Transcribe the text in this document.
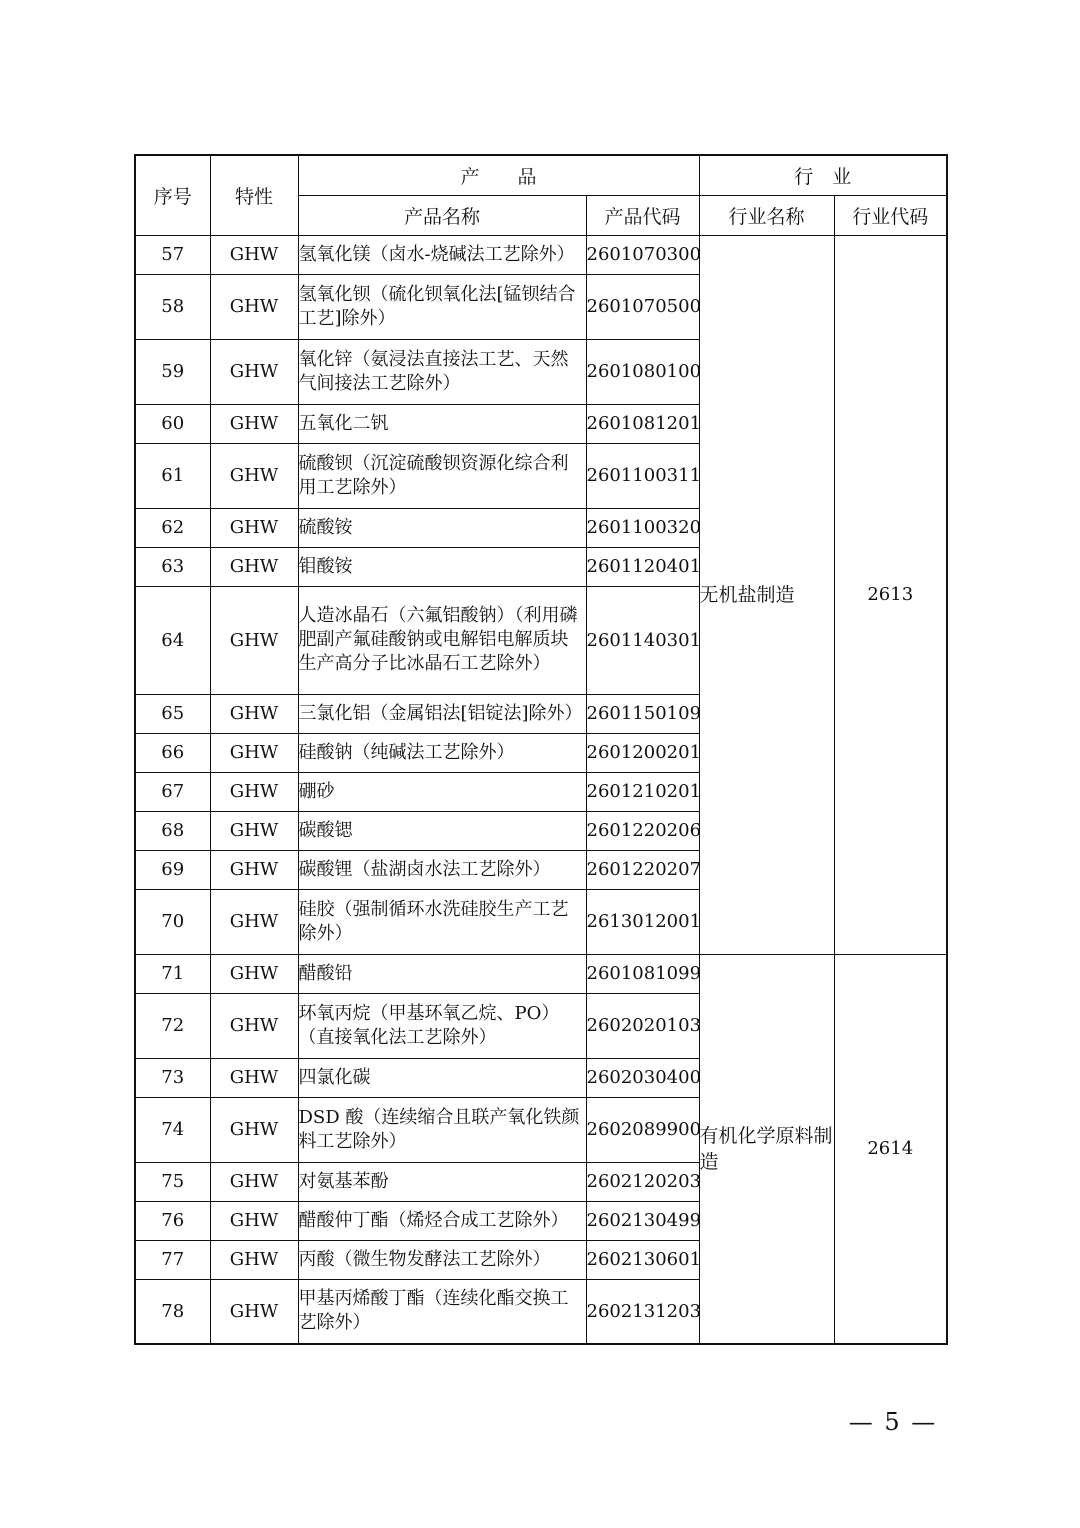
序号	特性	产　　品		行　业	
		产品名称	产品代码	行业名称	行业代码
57	GHW	氢氧化镁（卤水-烧碱法工艺除外）	2601070300	无机盐制造	2613
58	GHW	氢氧化钡（硫化钡氧化法[锰钡结合工艺]除外）	2601070500		
59	GHW	氧化锌（氨浸法直接法工艺、天然气间接法工艺除外）	2601080100		
60	GHW	五氧化二钒	2601081201		
61	GHW	硫酸钡（沉淀硫酸钡资源化综合利用工艺除外）	2601100311		
62	GHW	硫酸铵	2601100320		
63	GHW	钼酸铵	2601120401		
64	GHW	人造冰晶石（六氟铝酸钠）（利用磷肥副产氟硅酸钠或电解铝电解质块生产高分子比冰晶石工艺除外）	2601140301		
65	GHW	三氯化铝（金属铝法[铝锭法]除外）	2601150109		
66	GHW	硅酸钠（纯碱法工艺除外）	2601200201		
67	GHW	硼砂	2601210201		
68	GHW	碳酸锶	2601220206		
69	GHW	碳酸锂（盐湖卤水法工艺除外）	2601220207		
70	GHW	硅胶（强制循环水洗硅胶生产工艺除外）	2613012001		
71	GHW	醋酸铅	2601081099	有机化学原料制造	2614
72	GHW	环氧丙烷（甲基环氧乙烷、PO）（直接氧化法工艺除外）	2602020103		
73	GHW	四氯化碳	2602030400		
74	GHW	DSD 酸（连续缩合且联产氧化铁颜料工艺除外）	2602089900		
75	GHW	对氨基苯酚	2602120203		
76	GHW	醋酸仲丁酯（烯烃合成工艺除外）	2602130499		
77	GHW	丙酸（微生物发酵法工艺除外）	2602130601		
78	GHW	甲基丙烯酸丁酯（连续化酯交换工艺除外）	2602131203		
— 5 —
